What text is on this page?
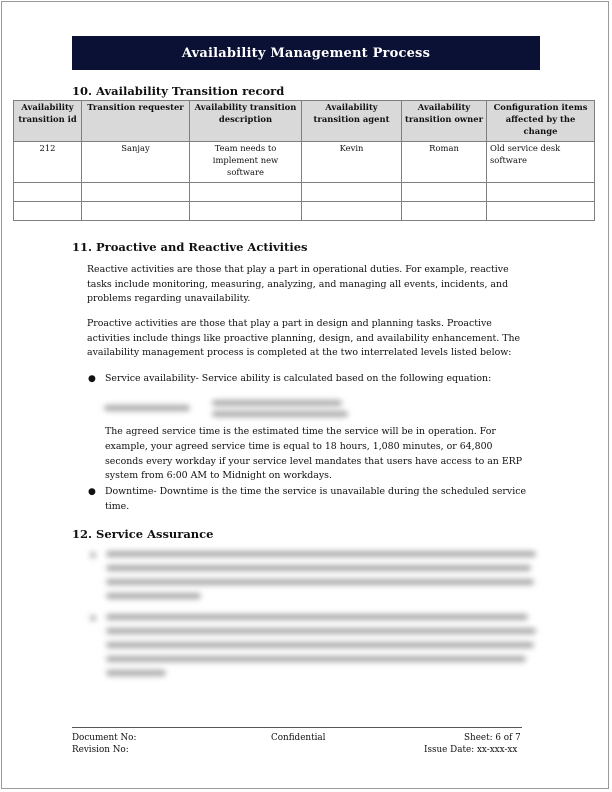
Availability Management Process
10. Availability Transition record
Availability transition id	Transition requester	Availability transition description	Availability transition agent	Availability transition owner	Configuration items affected by the change
212	Sanjay	Team needs to implement new software	Kevin	Roman	Old service desk software

11. Proactive and Reactive Activities

Reactive activities are those that play a part in operational duties. For example, reactive tasks include monitoring, measuring, analyzing, and managing all events, incidents, and problems regarding unavailability.

Proactive activities are those that play a part in design and planning tasks. Proactive activities include things like proactive planning, design, and availability enhancement. The availability management process is completed at the two interrelated levels listed below:

● Service availability- Service ability is calculated based on the following equation:

The agreed service time is the estimated time the service will be in operation. For example, your agreed service time is equal to 18 hours, 1,080 minutes, or 64,800 seconds every workday if your service level mandates that users have access to an ERP system from 6:00 AM to Midnight on workdays.

● Downtime- Downtime is the time the service is unavailable during the scheduled service time.

12. Service Assurance

Document No:

Revision No:

Confidential	Sheet: 6 of 7

Issue Date: xx-xxx-xx
